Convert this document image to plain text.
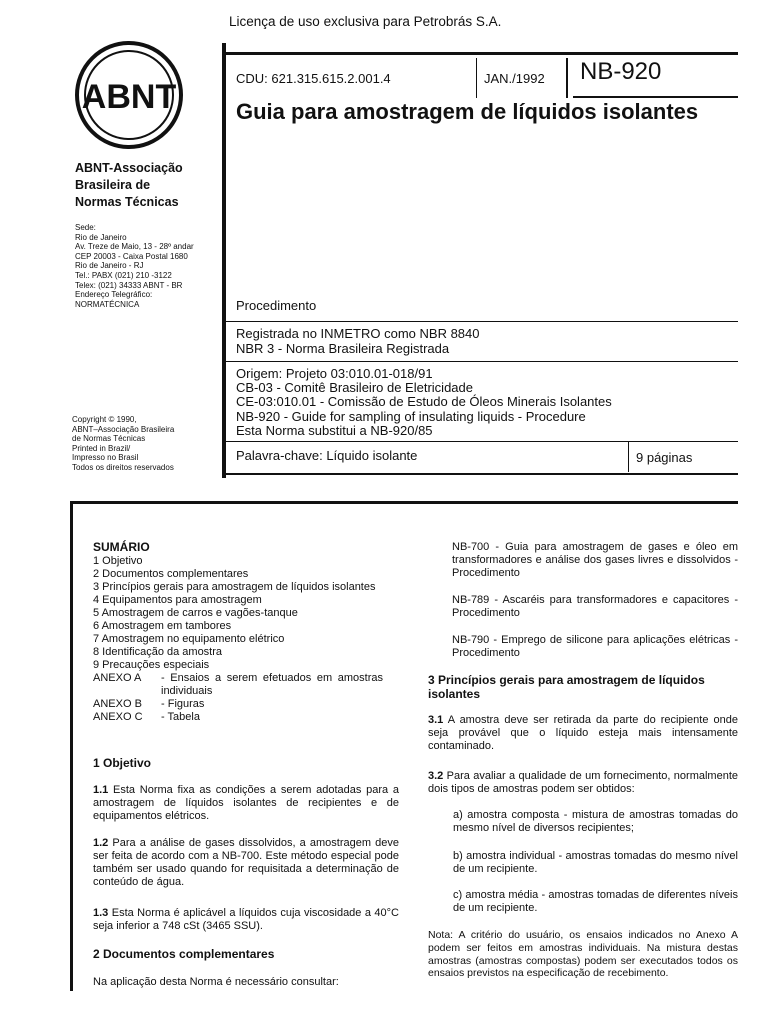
Licença de uso exclusiva para Petrobrás S.A.
ABNT
ABNT-Associação
Brasileira de
Normas Técnicas
Sede:
Rio de Janeiro
Av. Treze de Maio, 13 - 28º andar
CEP 20003 - Caixa Postal 1680
Rio de Janeiro - RJ
Tel.: PABX (021) 210 -3122
Telex: (021) 34333 ABNT - BR
Endereço Telegráfico:
NORMATÉCNICA
Copyright © 1990,
ABNT–Associação Brasileira
de Normas Técnicas
Printed in Brazil/
Impresso no Brasil
Todos os direitos reservados
CDU: 621.315.615.2.001.4	JAN./1992 NB-920
Guia para amostragem de líquidos isolantes
Procedimento
Registrada no INMETRO como NBR 8840
NBR 3 - Norma Brasileira Registrada
Origem: Projeto 03:010.01-018/91
CB-03 - Comitê Brasileiro de Eletricidade
CE-03:010.01 - Comissão de Estudo de Óleos Minerais Isolantes
NB-920 - Guide for sampling of insulating liquids - Procedure
Esta Norma substitui a NB-920/85
Palavra-chave: Líquido isolante	9 páginas
SUMÁRIO
1 Objetivo
2 Documentos complementares
3 Princípios gerais para amostragem de líquidos isolantes
4 Equipamentos para amostragem
5 Amostragem de carros e vagões-tanque
6 Amostragem em tambores
7 Amostragem no equipamento elétrico
8 Identificação da amostra
9 Precauções especiais
ANEXO A	- Ensaios a serem efetuados em amostras individuais
ANEXO B	- Figuras
ANEXO C	- Tabela
1 Objetivo
1.1 Esta Norma fixa as condições a serem adotadas para a amostragem de líquidos isolantes de recipientes e de equipamentos elétricos.
1.2 Para a análise de gases dissolvidos, a amostragem deve ser feita de acordo com a NB-700. Este método especial pode também ser usado quando for requisitada a determinação de conteúdo de água.
1.3 Esta Norma é aplicável a líquidos cuja viscosidade a 40°C seja inferior a 748 cSt (3465 SSU).
2 Documentos complementares
Na aplicação desta Norma é necessário consultar:
NB-700 - Guia para amostragem de gases e óleo em transformadores e análise dos gases livres e dissolvidos - Procedimento
NB-789 - Ascaréis para transformadores e capacitores - Procedimento
NB-790 - Emprego de silicone para aplicações elétricas - Procedimento
3 Princípios gerais para amostragem de líquidos isolantes
3.1 A amostra deve ser retirada da parte do recipiente onde seja provável que o líquido esteja mais intensamente contaminado.
3.2 Para avaliar a qualidade de um fornecimento, normalmente dois tipos de amostras podem ser obtidos:
a) amostra composta - mistura de amostras tomadas do mesmo nível de diversos recipientes;
b) amostra individual - amostras tomadas do mesmo nível de um recipiente.
c) amostra média - amostras tomadas de diferentes níveis de um recipiente.
Nota: A critério do usuário, os ensaios indicados no Anexo A podem ser feitos em amostras individuais. Na mistura destas amostras (amostras compostas) podem ser executados todos os ensaios previstos na especificação de recebimento.
